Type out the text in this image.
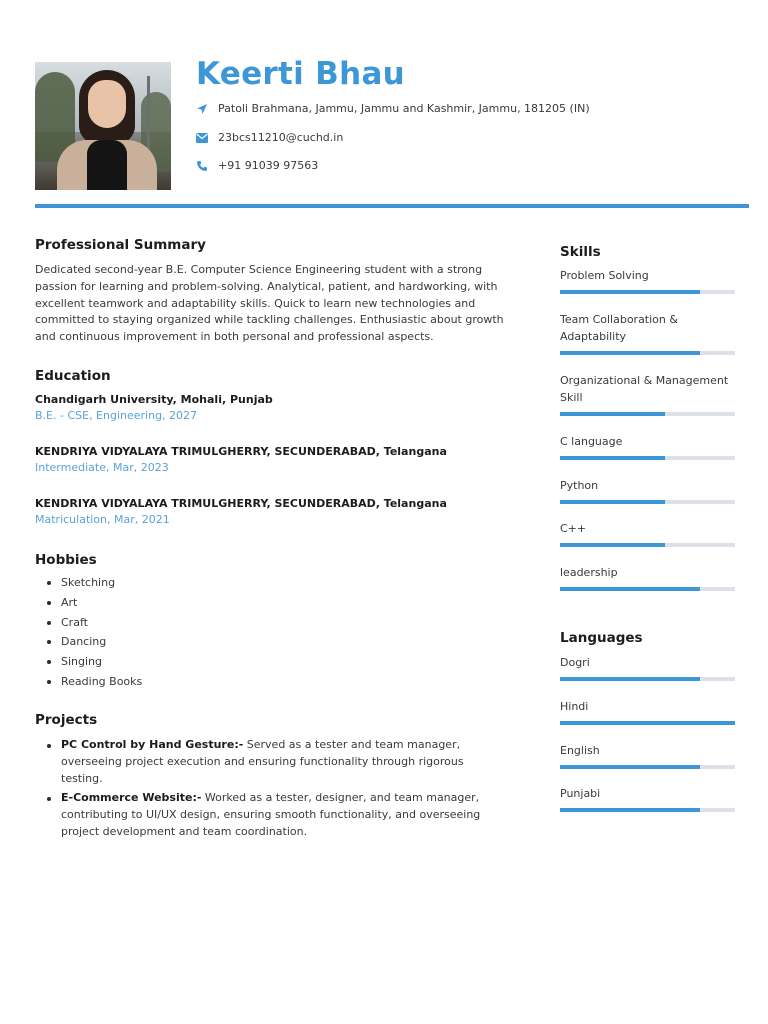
Keerti Bhau
Patoli Brahmana, Jammu, Jammu and Kashmir, Jammu, 181205 (IN)
23bcs11210@cuchd.in
+91 91039 97563
Professional Summary

Dedicated second-year B.E. Computer Science Engineering student with a strong passion for learning and problem-solving. Analytical, patient, and hardworking, with excellent teamwork and adaptability skills. Quick to learn new technologies and committed to staying organized while tackling challenges. Enthusiastic about growth and continuous improvement in both personal and professional aspects.

Education
Chandigarh University, Mohali, Punjab
B.E. - CSE, Engineering, 2027
KENDRIYA VIDYALAYA TRIMULGHERRY, SECUNDERABAD, Telangana
Intermediate, Mar, 2023
KENDRIYA VIDYALAYA TRIMULGHERRY, SECUNDERABAD, Telangana
Matriculation, Mar, 2021
Hobbies
Sketching
Art
Craft
Dancing
Singing
Reading Books
Projects
PC Control by Hand Gesture:- Served as a tester and team manager, overseeing project execution and ensuring functionality through rigorous testing.
E-Commerce Website:- Worked as a tester, designer, and team manager, contributing to UI/UX design, ensuring smooth functionality, and overseeing project development and team coordination.
Skills
Problem Solving
Team Collaboration & Adaptability
Organizational & Management Skill
C language
Python
C++
leadership
Languages
Dogri
Hindi
English
Punjabi
